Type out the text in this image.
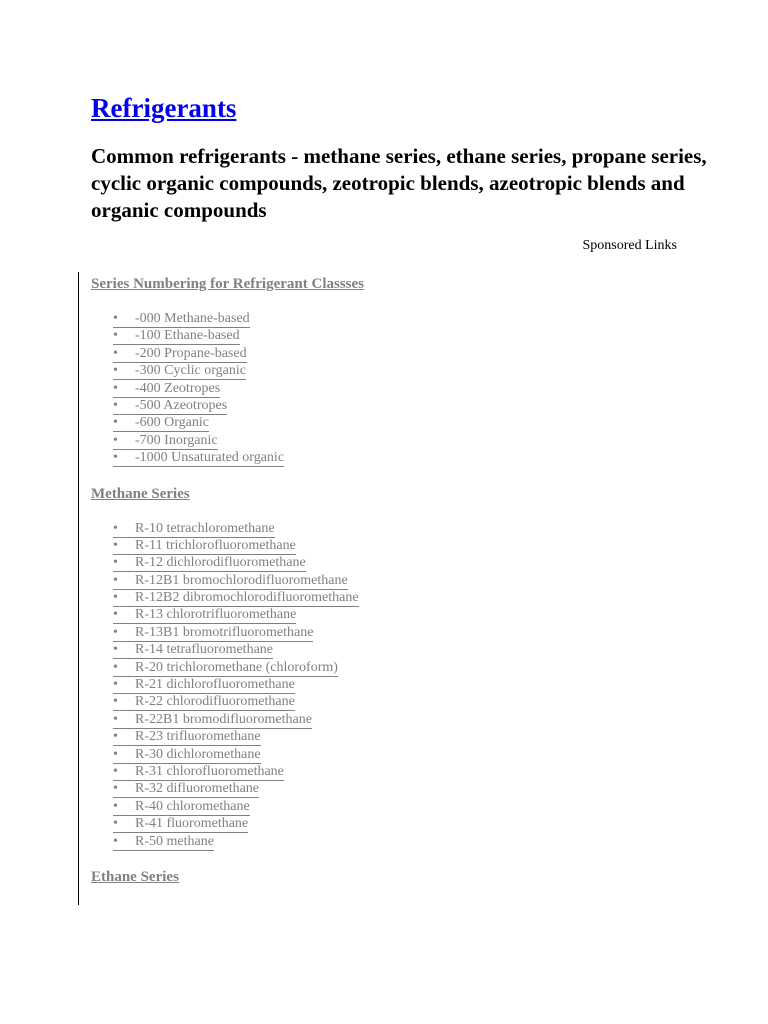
Refrigerants
Common refrigerants - methane series, ethane series, propane series, cyclic organic compounds, zeotropic blends, azeotropic blends and organic compounds
Sponsored Links
Series Numbering for Refrigerant Classses
• -000 Methane-based
• -100 Ethane-based
• -200 Propane-based
• -300 Cyclic organic
• -400 Zeotropes
• -500 Azeotropes
• -600 Organic
• -700 Inorganic
• -1000 Unsaturated organic
Methane Series
• R-10 tetrachloromethane
• R-11 trichlorofluoromethane
• R-12 dichlorodifluoromethane
• R-12B1 bromochlorodifluoromethane
• R-12B2 dibromochlorodifluoromethane
• R-13 chlorotrifluoromethane
• R-13B1 bromotrifluoromethane
• R-14 tetrafluoromethane
• R-20 trichloromethane (chloroform)
• R-21 dichlorofluoromethane
• R-22 chlorodifluoromethane
• R-22B1 bromodifluoromethane
• R-23 trifluoromethane
• R-30 dichloromethane
• R-31 chlorofluoromethane
• R-32 difluoromethane
• R-40 chloromethane
• R-41 fluoromethane
• R-50 methane
Ethane Series
